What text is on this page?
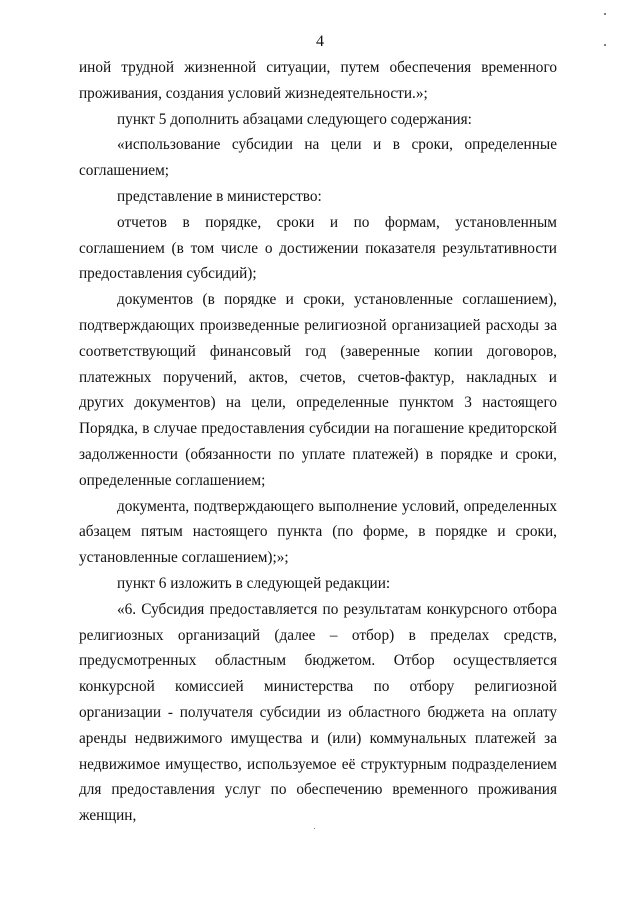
4

иной трудной жизненной ситуации, путем обеспечения временного проживания, создания условий жизнедеятельности.»;

пункт 5 дополнить абзацами следующего содержания:

«использование субсидии на цели и в сроки, определенные соглашением;

представление в министерство:

отчетов в порядке, сроки и по формам, установленным соглашением (в том числе о достижении показателя результативности предоставления субсидий);

документов (в порядке и сроки, установленные соглашением), подтверждающих произведенные религиозной организацией расходы за соответствующий финансовый год (заверенные копии договоров, платежных поручений, актов, счетов, счетов-фактур, накладных и других документов) на цели, определенные пунктом 3 настоящего Порядка, в случае предоставления субсидии на погашение кредиторской задолженности (обязанности по уплате платежей) в порядке и сроки, определенные соглашением;

документа, подтверждающего выполнение условий, определенных абзацем пятым настоящего пункта (по форме, в порядке и сроки, установленные соглашением);»;

пункт 6 изложить в следующей редакции:

«6. Субсидия предоставляется по результатам конкурсного отбора религиозных организаций (далее – отбор) в пределах средств, предусмотренных областным бюджетом. Отбор осуществляется конкурсной комиссией министерства по отбору религиозной организации - получателя субсидии из областного бюджета на оплату аренды недвижимого имущества и (или) коммунальных платежей за недвижимое имущество, используемое её структурным подразделением для предоставления услуг по обеспечению временного проживания женщин,
